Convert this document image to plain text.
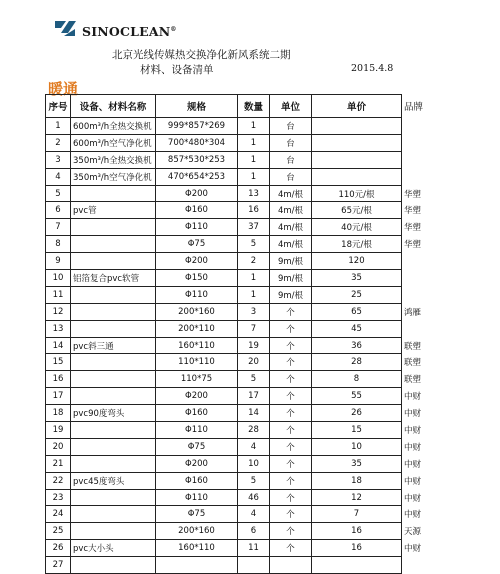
SINOCLEAN®
北京光线传媒热交换净化新风系统二期
材料、设备清单	2015.4.8
暖通
序号	设备、材料名称	规格	数量	单位	单价	品牌
1	600m³/h全热交换机	999*857*269	1	台		
2	600m³/h空气净化机	700*480*304	1	台		
3	350m³/h全热交换机	857*530*253	1	台		
4	350m³/h空气净化机	470*654*253	1	台		
5		Φ200	13	4m/根	110元/根	华塑
6	pvc管	Φ160	16	4m/根	65元/根	华塑
7		Φ110	37	4m/根	40元/根	华塑
8		Φ75	5	4m/根	18元/根	华塑
9		Φ200	2	9m/根	120	
10	铝箔复合pvc软管	Φ150	1	9m/根	35	
11		Φ110	1	9m/根	25	
12		200*160	3	个	65	鸿雁
13		200*110	7	个	45	
14	pvc斜三通	160*110	19	个	36	联塑
15		110*110	20	个	28	联塑
16		110*75	5	个	8	联塑
17		Φ200	17	个	55	中财
18	pvc90度弯头	Φ160	14	个	26	中财
19		Φ110	28	个	15	中财
20		Φ75	4	个	10	中财
21		Φ200	10	个	35	中财
22	pvc45度弯头	Φ160	5	个	18	中财
23		Φ110	46	个	12	中财
24		Φ75	4	个	7	中财
25		200*160	6	个	16	天源
26	pvc大小头	160*110	11	个	16	中财
27						
